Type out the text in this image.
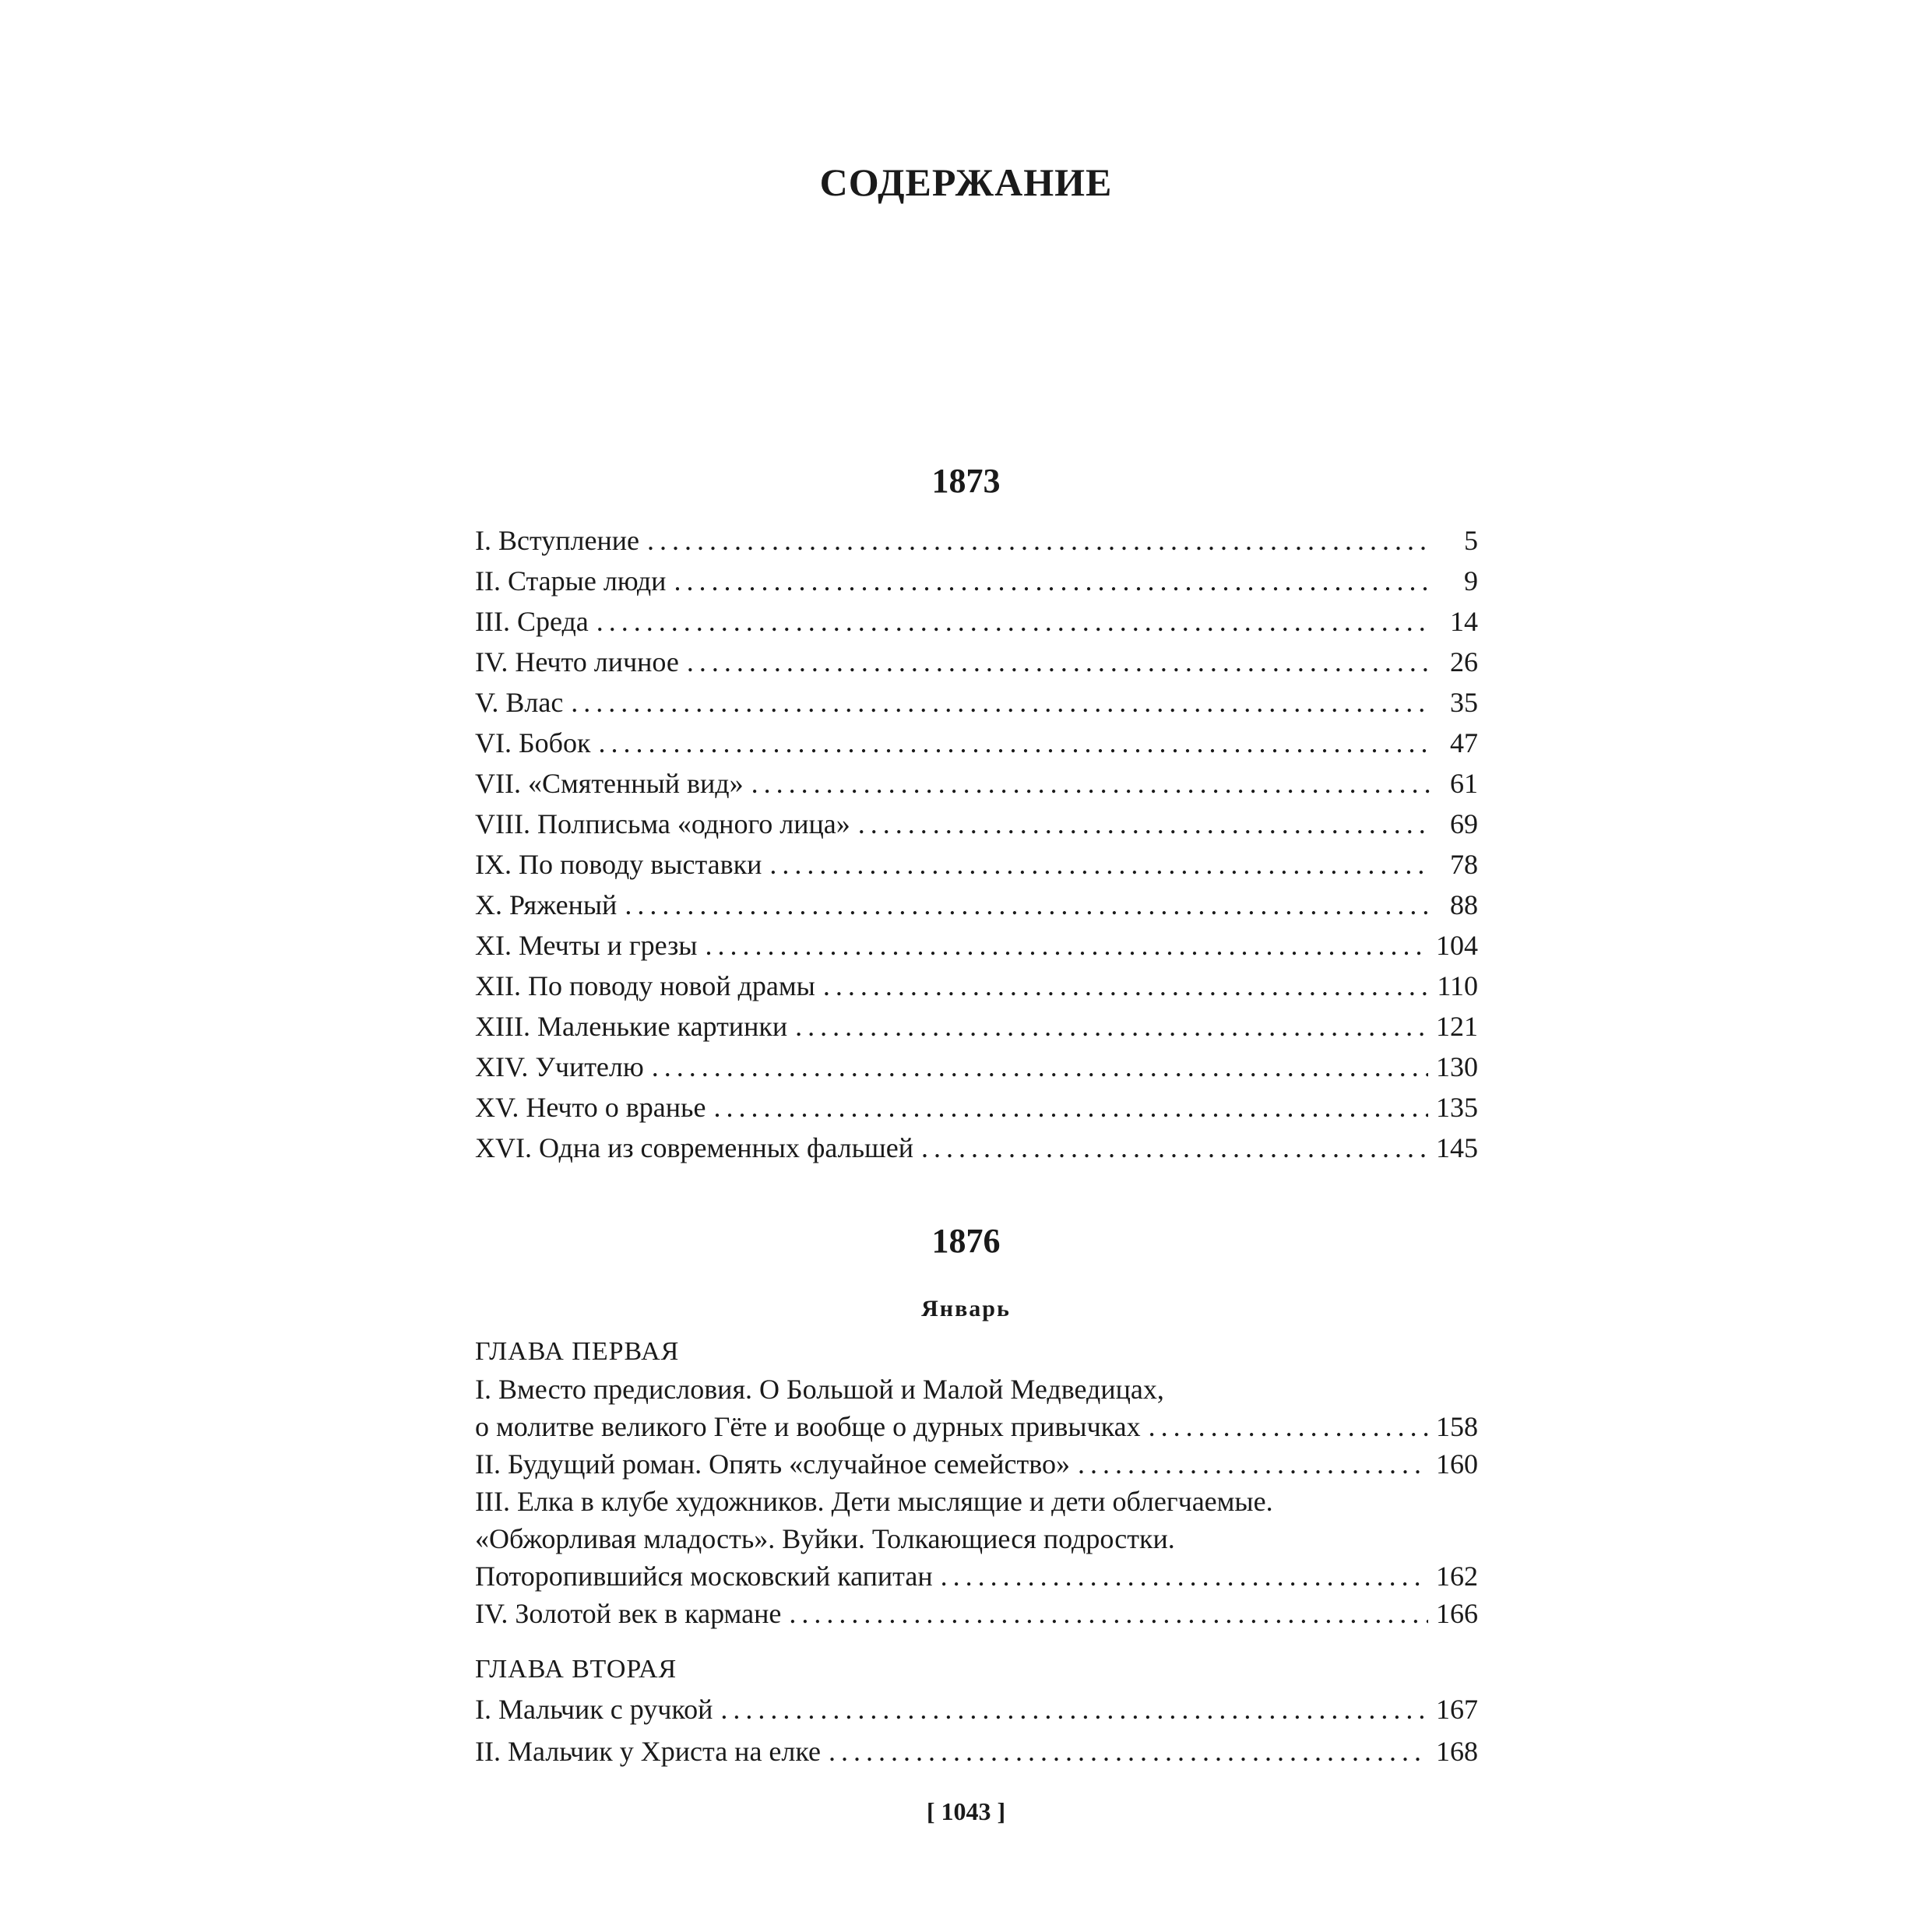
СОДЕРЖАНИЕ
1873
I. Вступление . . .	5
II. Старые люди . . .	9
III. Среда . . .	14
IV. Нечто личное . . .	26
V. Влас . . .	35
VI. Бобок . . .	47
VII. «Смятенный вид» . . .	61
VIII. Полписьма «одного лица» . . .	69
IX. По поводу выставки . . .	78
X. Ряженый . . .	88
XI. Мечты и грезы . . .	104
XII. По поводу новой драмы . . .	110
XIII. Маленькие картинки . . .	121
XIV. Учителю . . .	130
XV. Нечто о вранье . . .	135
XVI. Одна из современных фальшей . . .	145
1876
Январь
ГЛАВА ПЕРВАЯ
I. Вместо предисловия. О Большой и Малой Медведицах,
о молитве великого Гёте и вообще о дурных привычках . . .	158
II. Будущий роман. Опять «случайное семейство» . . .	160
III. Елка в клубе художников. Дети мыслящие и дети облегчаемые.
«Обжорливая младость». Вуйки. Толкающиеся подростки.
Поторопившийся московский капитан . . .	162
IV. Золотой век в кармане . . .	166
ГЛАВА ВТОРАЯ
I. Мальчик с ручкой . . .	167
II. Мальчик у Христа на елке . . .	168
[ 1043 ]
